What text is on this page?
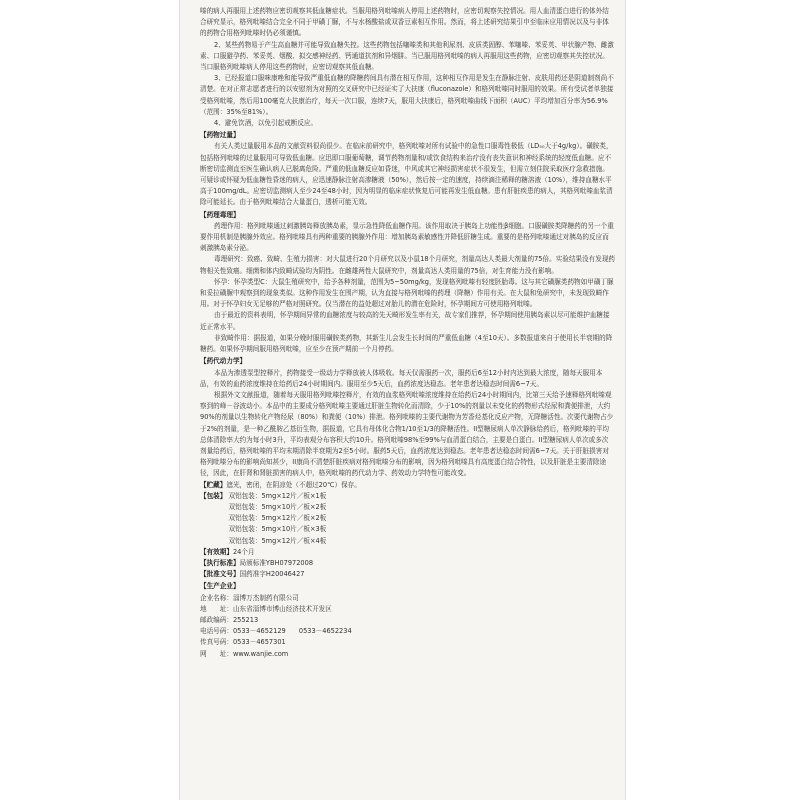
嗪的病人再服用上述药物应密切观察其低血糖症状。当服用格列吡嗪病人停用上述药物时，应密切观察失控情况。用人血清蛋白进行的体外结合研究显示，格列吡嗪结合完全不同于甲磺丁脲，不与水杨酸盐或双香豆素相互作用。然而，将上述研究结果引申至临床应用情况以及与非体的药物合用格列吡嗪时仍必须谨慎。

2、某些药物易于产生高血糖并可能导致血糖失控。这些药物包括噻嗪类和其他利尿剂、皮质类固醇、苯噻嗪、苯妥英、甲状腺产物、雌激素、口服避孕药、苯妥英、烟酸、拟交感神经药、钙通道抗剂和异烟肼。当已服用格列吡嗪的病人再服用这些药物，应密切观察其失控状况。当口服格列吡嗪病人停用这些药物时，应密切观察其低血糖。

3、已经报道口服咪康唑和能导致严重低血糖的降糖药间具有潜在相互作用，这种相互作用是发生在静脉注射、皮肤用药还是阴道制剂尚不清楚。在对正常志愿者进行的以安慰剂为对照的交叉研究中已经证实了大扶康（fluconazole）和格列吡嗪同时服用的效果。所有受试者单独接受格列吡嗪，然后用100毫克大扶康治疗，每天一次口服，连续7天，服用大扶康后，格列吡嗪曲线下面积（AUC）平均增加百分率为56.9%（范围：35%至81%）。

4、避免饮酒，以免引起戒断反应。

【药物过量】

有关人类过量服用本品的文献资料很尚很少。在临床前研究中，格列吡嗪对所有试验中的急性口服毒性极低（LD₅₀大于4g/kg）。磺胺类，包括格列吡嗪的过量服用可导致低血糖。应迅即口服葡萄糖，调节药物剂量和/或饮食结构来治疗没有丧失意识和神经系统的轻度低血糖。应不断密切监测直至医生确认病人已脱离危险。严重的低血糖反应如昏迷，中风或其它神经损害症状不很发生，但需立刻住院采取医疗急救措施。可疑诊或怀疑为低血糖性昏迷的病人，应迅速静脉注射高渗糖液（50%），然后按一定的速度，持续滴注稀释的糖溶液（10%），维持血糖水平高于100mg/dL。应密切监测病人至少24至48小时，因为明显的临床症状恢复后可能再发生低血糖。患有肝脏疾患的病人，其格列吡嗪血浆清除可能延长。由于格列吡嗪结合大量蛋白，透析可能无效。

【药理毒理】

药理作用：格列吡嗪通过刺激胰岛释放胰岛素，显示急性降低血糖作用。该作用取决于胰岛上功能性β细胞。口服磺胺类降糖药的另一个重要作用机制是胰腺外效应。格列吡嗪具有两种重要的胰腺外作用：增加胰岛素敏感性并降低肝糖生成。重要的是格列吡嗪通过对胰岛的反应而刺激胰岛素分泌。

毒理研究：致癌、致畸、生殖力损害：对大鼠进行20个月研究以及小鼠18个月研究，剂量高达人类最大剂量的75倍。实验结果没有发现药物相关性致癌。细菌和体内致畸试验均为阴性。在雌雄两性大鼠研究中，剂量高达人类用量的75倍，对生育能力没有影响。

怀孕：怀孕类型C：大鼠生殖研究中，给予各种剂量，范围为5~50mg/kg，发现格列吡嗪有轻度胚胎毒。这与其它磺脲类药物如甲磺丁脲和妥拉磺脲中观察到的现象类似。这种作用发生在围产期，认为直接与格列吡嗪的药理（降糖）作用有关。在大鼠和兔研究中，未发现致畸作用。对于怀孕妇女无足够的严格对照研究。仅当潜在的益处超过对胎儿的潜在危险时，怀孕期间方可使用格列吡嗪。

由于最近的资料表明，怀孕期间异常的血糖浓度与较高的先天畸形发生率有关，故专家们推荐，怀孕期间使用胰岛素以尽可能维护血糖接近正常水平。

非致畸作用：据报道，如果分娩时服用磺胺类药物，其新生儿会发生长时间的严重低血糖（4至10天）。多数报道来自于使用长半衰期的降糖药。如果怀孕期间服用格列吡嗪，应至少在预产期前一个月停药。

【药代动力学】

本品为渗透泵型控释片，药物接受一级动力学释放被人体吸收。每天仅需服药一次，服药后6至12小时内达到最大浓度，随每天服用本品，有效的血药浓度维持在给药后24小时期间内。服用至少5天后，血药浓度达稳态。老年患者达稳态时间需6~7天。

根据外文文献报道，随着每天服用格列吡嗪控释片，有效的血浆格列吡嗪浓度维持在给药后24小时期间内，比第三天给予速释格列吡嗪观察到的峰－谷波动小。本品中的主要成分格列吡嗪主要通过肝脏生物转化而清除，少于10%的剂量以未变化的药物形式经尿和粪便排泄，大约90%的剂量以生物转化产物经尿（80%）和粪便（10%）排泄。格列吡嗪的主要代谢物为芳香烃基化反应产物，无降糖活性。次要代谢物占少于2%的剂量，是一种乙酰胺乙基衍生物，据报道，它具有母体化合物1/10至1/3的降糖活性。II型糖尿病人单次静脉给药后，格列吡嗪的平均总体清除率大约为每小时3升，平均表观分布容积大约10升。格列吡嗪98%至99%与血清蛋白结合，主要是白蛋白。II型糖尿病人单次或多次剂量给药后，格列吡嗪的平均末期清除半衰期为2至5小时。服药5天后，血药浓度达到稳态。老年患者达稳态时间需6~7天。关于肝脏损害对格列吡嗪分布的影响尚知甚少，II康尚不清楚肝脏疾病对格列吡嗪分布的影响，因为格列吡嗪具有高度蛋白结合特性，以及肝脏是主要清除途径，因此，在肝肾和肾脏损害的病人中，格列吡嗪的药代动力学、药效动力学特性可能改变。

【贮藏】遮光，密闭，在阴凉处（不超过20℃）保存。
【包装】 双铝包装：5mg×12片／板×1板
双铝包装：5mg×10片／板×2板
双铝包装：5mg×12片／板×2板
双铝包装：5mg×10片／板×3板
双铝包装：5mg×12片／板×4板
【有效期】24个月
【执行标准】局颁标准YBH07972008
【批准文号】国药准字H20046427
【生产企业】
企业名称：淄博万杰制药有限公司
地　　址：山东省淄博市博山经济技术开发区
邮政编码：255213
电话号码：0533－4652129　　0533－4652234
传真号码：0533－4657301
网　　址：www.wanjie.com
